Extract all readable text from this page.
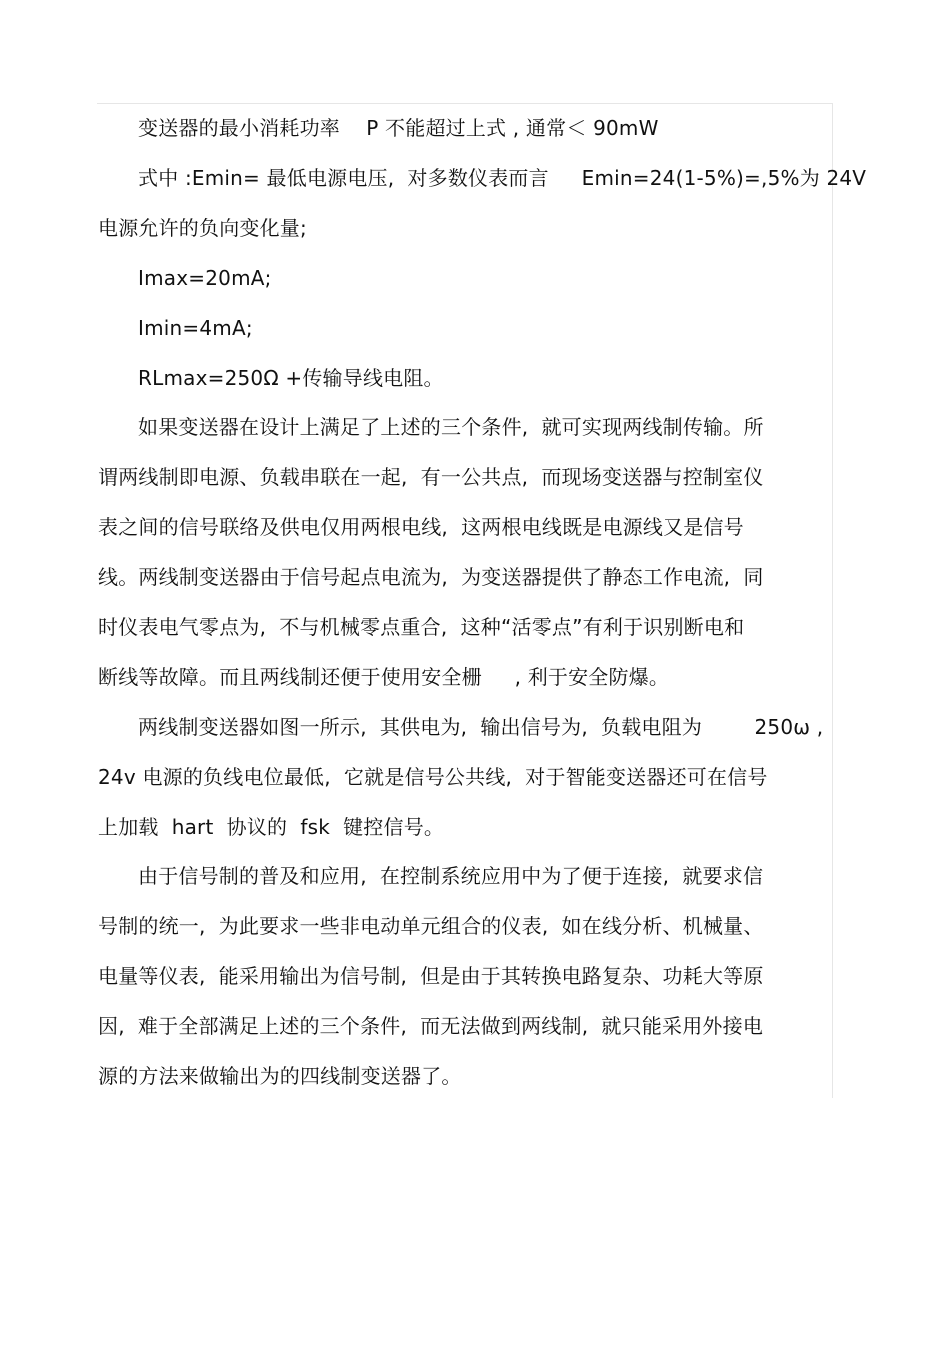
变送器的最小消耗功率    P 不能超过上式 , 通常＜ 90mW
式中 :Emin= 最低电源电压,  对多数仪表而言     Emin=24(1-5%)=,5%为 24V
电源允许的负向变化量;
Imax=20mA;
Imin=4mA;
RLmax=250Ω +传输导线电阻。
如果变送器在设计上满足了上述的三个条件,  就可实现两线制传输。所
谓两线制即电源、负载串联在一起,  有一公共点,  而现场变送器与控制室仪
表之间的信号联络及供电仅用两根电线,  这两根电线既是电源线又是信号
线。两线制变送器由于信号起点电流为,  为变送器提供了静态工作电流,  同
时仪表电气零点为,  不与机械零点重合,  这种“活零点”有利于识别断电和
断线等故障。而且两线制还便于使用安全栅     , 利于安全防爆。
两线制变送器如图一所示,  其供电为,  输出信号为,  负载电阻为        250ω ,
24v 电源的负线电位最低,  它就是信号公共线,  对于智能变送器还可在信号
上加载  hart  协议的  fsk  键控信号。
由于信号制的普及和应用,  在控制系统应用中为了便于连接,  就要求信
号制的统一,  为此要求一些非电动单元组合的仪表,  如在线分析、机械量、
电量等仪表,  能采用输出为信号制,  但是由于其转换电路复杂、功耗大等原
因,  难于全部满足上述的三个条件,  而无法做到两线制,  就只能采用外接电
源的方法来做输出为的四线制变送器了。
